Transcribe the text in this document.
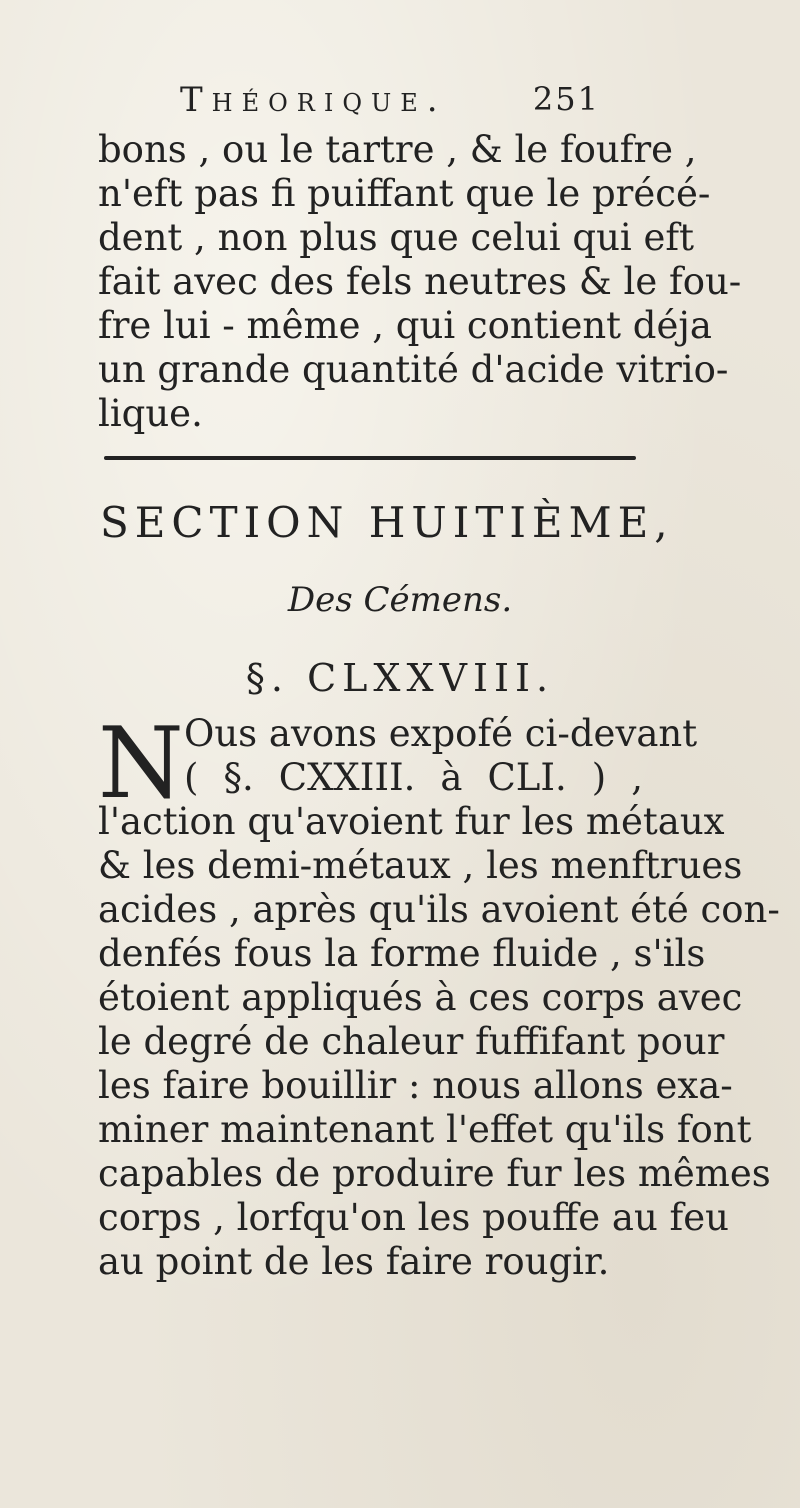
Théorique.	251
bons , ou le tartre , & le foufre ,
n'eft pas fi puiffant que le précé-
dent , non plus que celui qui eft
fait avec des fels neutres & le fou-
fre lui - même , qui contient déja
un grande quantité d'acide vitrio-
lique.
SECTION HUITIÈME,
Des Cémens.
§. CLXXVIII.
N Ous avons expofé ci-devant
( §. CXXIII. à CLI. ) ,
l'action qu'avoient fur les métaux
& les demi-métaux , les menftrues
acides , après qu'ils avoient été con-
denfés fous la forme fluide , s'ils
étoient appliqués à ces corps avec
le degré de chaleur fuffifant pour
les faire bouillir : nous allons exa-
miner maintenant l'effet qu'ils font
capables de produire fur les mêmes
corps , lorfqu'on les pouffe au feu
au point de les faire rougir.
